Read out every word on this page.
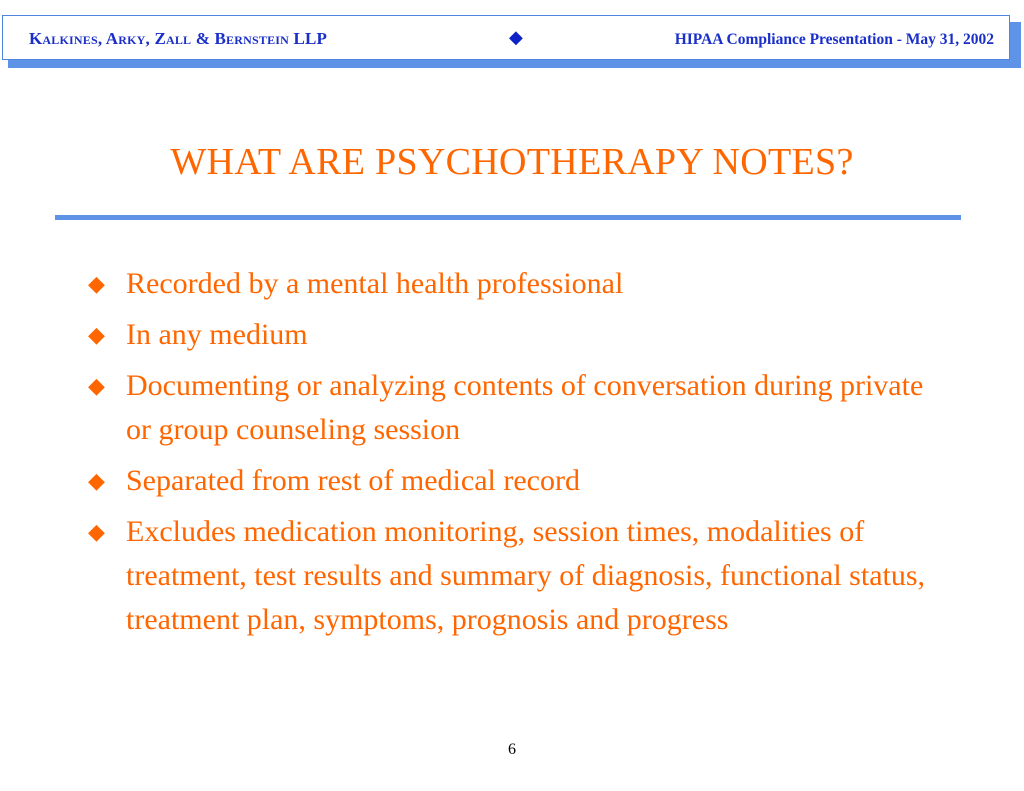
Kalkines, Arky, Zall & Bernstein LLP	◆	HIPAA Compliance Presentation - May 31, 2002
WHAT ARE PSYCHOTHERAPY NOTES?
◆ Recorded by a mental health professional
◆ In any medium
◆ Documenting or analyzing contents of conversation during private or group counseling session
◆ Separated from rest of medical record
◆ Excludes medication monitoring, session times, modalities of treatment, test results and summary of diagnosis, functional status, treatment plan, symptoms, prognosis and progress
6
